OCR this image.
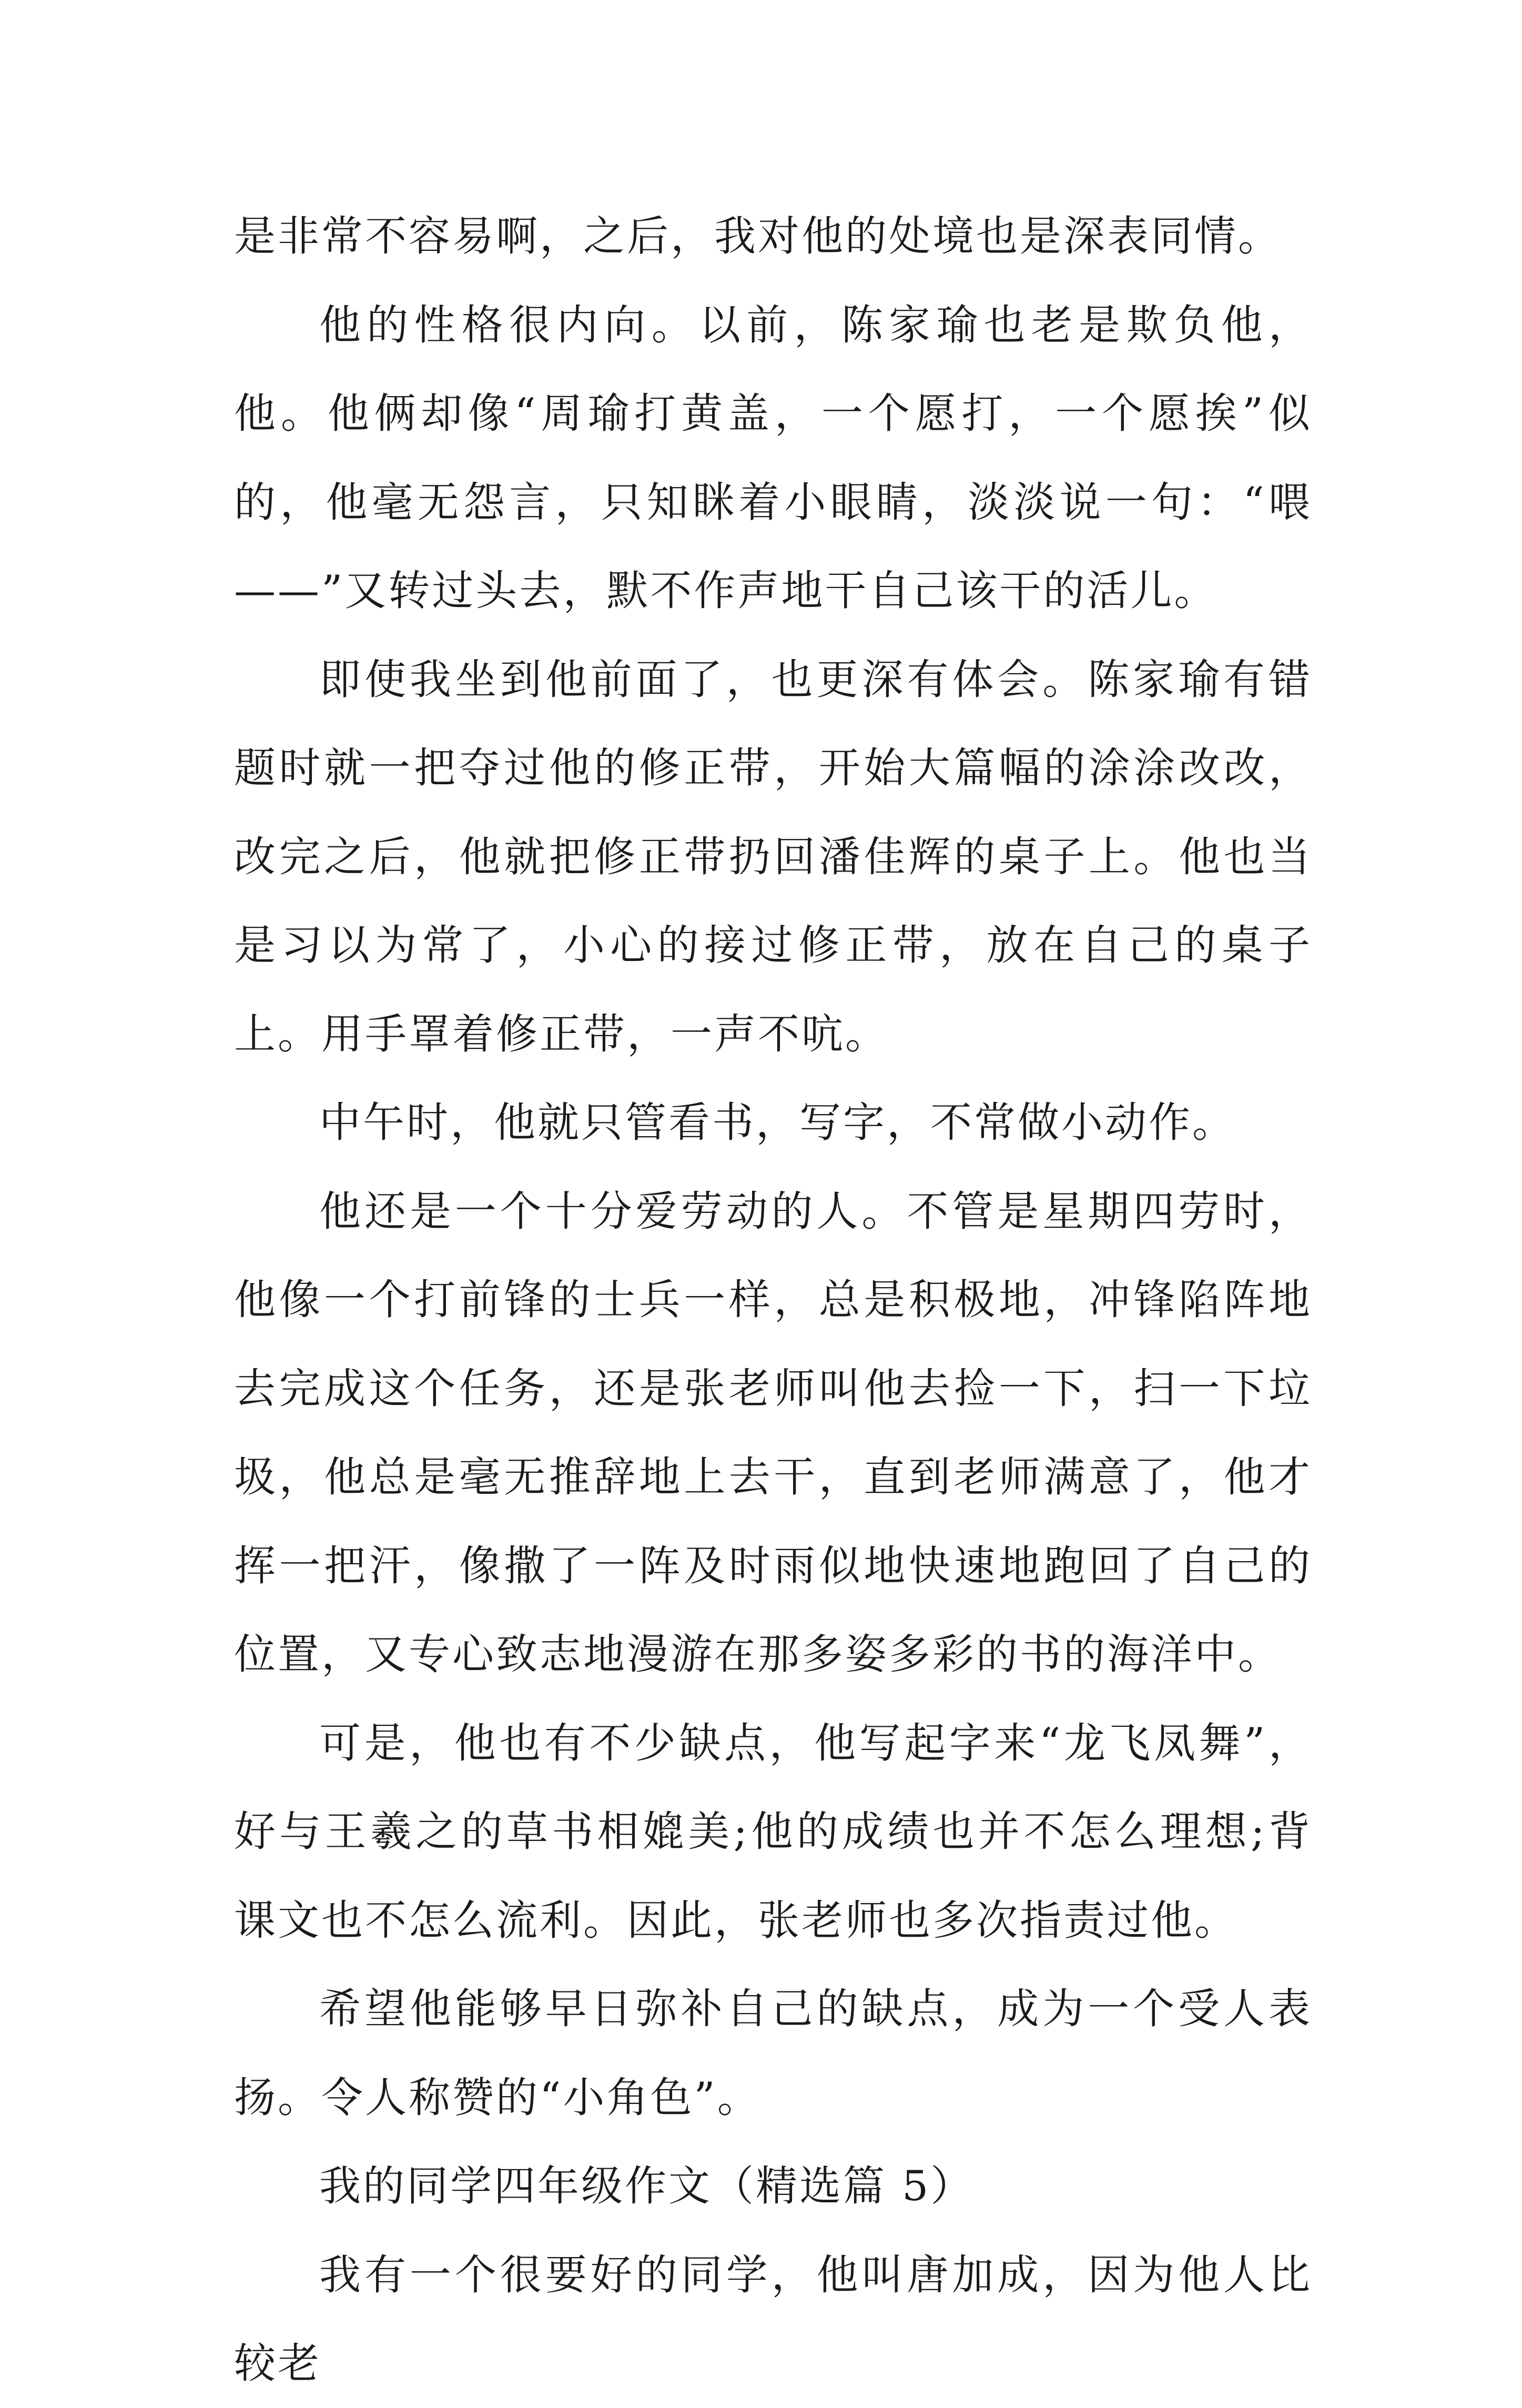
是非常不容易啊，之后，我对他的处境也是深表同情。

他的性格很内向。以前，陈家瑜也老是欺负他，他。他俩却像“周瑜打黄盖，一个愿打，一个愿挨”似的，他毫无怨言，只知眯着小眼睛，淡淡说一句：“喂——”又转过头去，默不作声地干自己该干的活儿。

即使我坐到他前面了，也更深有体会。陈家瑜有错题时就一把夺过他的修正带，开始大篇幅的涂涂改改，改完之后，他就把修正带扔回潘佳辉的桌子上。他也当是习以为常了，小心的接过修正带，放在自己的桌子上。用手罩着修正带，一声不吭。

中午时，他就只管看书，写字，不常做小动作。

他还是一个十分爱劳动的人。不管是星期四劳时，他像一个打前锋的士兵一样，总是积极地，冲锋陷阵地去完成这个任务，还是张老师叫他去捡一下，扫一下垃圾，他总是毫无推辞地上去干，直到老师满意了，他才挥一把汗，像撒了一阵及时雨似地快速地跑回了自己的位置，又专心致志地漫游在那多姿多彩的书的海洋中。

可是，他也有不少缺点，他写起字来“龙飞凤舞”，好与王羲之的草书相媲美;他的成绩也并不怎么理想;背课文也不怎么流利。因此，张老师也多次指责过他。

希望他能够早日弥补自己的缺点，成为一个受人表扬。令人称赞的“小角色”。

我的同学四年级作文（精选篇 5）

我有一个很要好的同学，他叫唐加成，因为他人比较老
